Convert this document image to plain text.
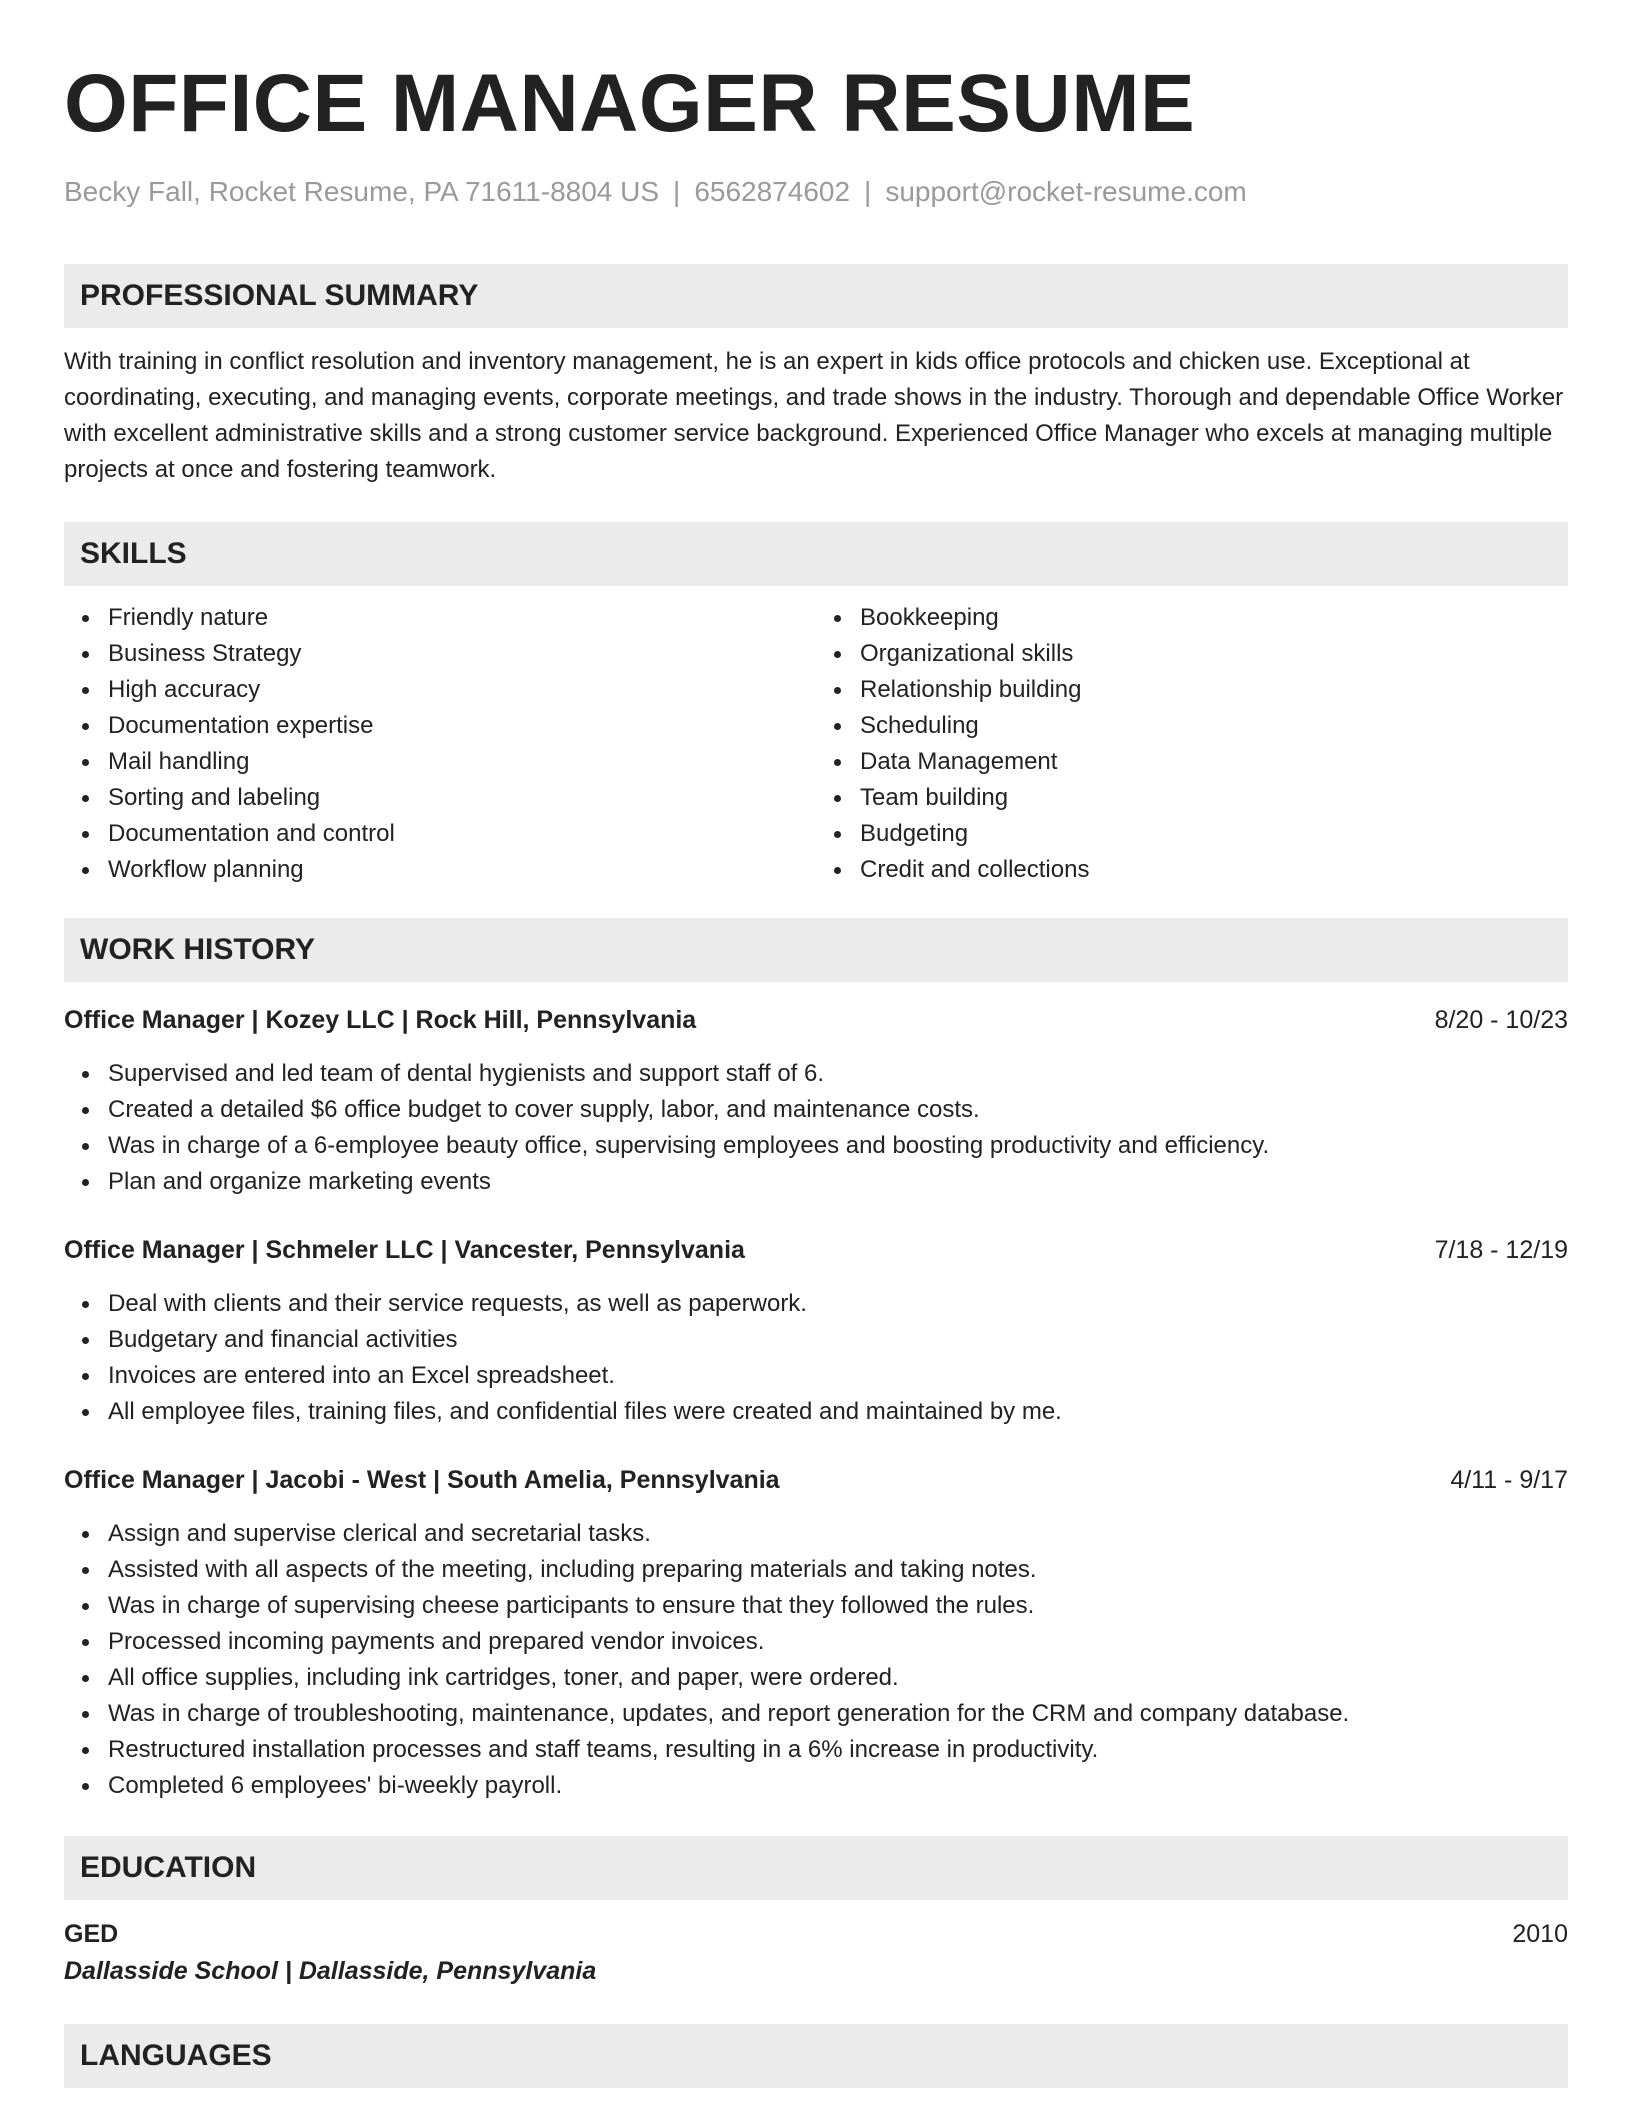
OFFICE MANAGER RESUME
Becky Fall, Rocket Resume, PA 71611-8804 US | 6562874602 | support@rocket-resume.com
PROFESSIONAL SUMMARY
With training in conflict resolution and inventory management, he is an expert in kids office protocols and chicken use. Exceptional at coordinating, executing, and managing events, corporate meetings, and trade shows in the industry. Thorough and dependable Office Worker with excellent administrative skills and a strong customer service background. Experienced Office Manager who excels at managing multiple projects at once and fostering teamwork.
SKILLS
Friendly nature
Business Strategy
High accuracy
Documentation expertise
Mail handling
Sorting and labeling
Documentation and control
Workflow planning
Bookkeeping
Organizational skills
Relationship building
Scheduling
Data Management
Team building
Budgeting
Credit and collections
WORK HISTORY
Office Manager | Kozey LLC | Rock Hill, Pennsylvania	8/20 - 10/23
Supervised and led team of dental hygienists and support staff of 6.
Created a detailed $6 office budget to cover supply, labor, and maintenance costs.
Was in charge of a 6-employee beauty office, supervising employees and boosting productivity and efficiency.
Plan and organize marketing events
Office Manager | Schmeler LLC | Vancester, Pennsylvania	7/18 - 12/19
Deal with clients and their service requests, as well as paperwork.
Budgetary and financial activities
Invoices are entered into an Excel spreadsheet.
All employee files, training files, and confidential files were created and maintained by me.
Office Manager | Jacobi - West | South Amelia, Pennsylvania	4/11 - 9/17
Assign and supervise clerical and secretarial tasks.
Assisted with all aspects of the meeting, including preparing materials and taking notes.
Was in charge of supervising cheese participants to ensure that they followed the rules.
Processed incoming payments and prepared vendor invoices.
All office supplies, including ink cartridges, toner, and paper, were ordered.
Was in charge of troubleshooting, maintenance, updates, and report generation for the CRM and company database.
Restructured installation processes and staff teams, resulting in a 6% increase in productivity.
Completed 6 employees' bi-weekly payroll.
EDUCATION
GED	2010
Dallasside School | Dallasside, Pennsylvania
LANGUAGES
